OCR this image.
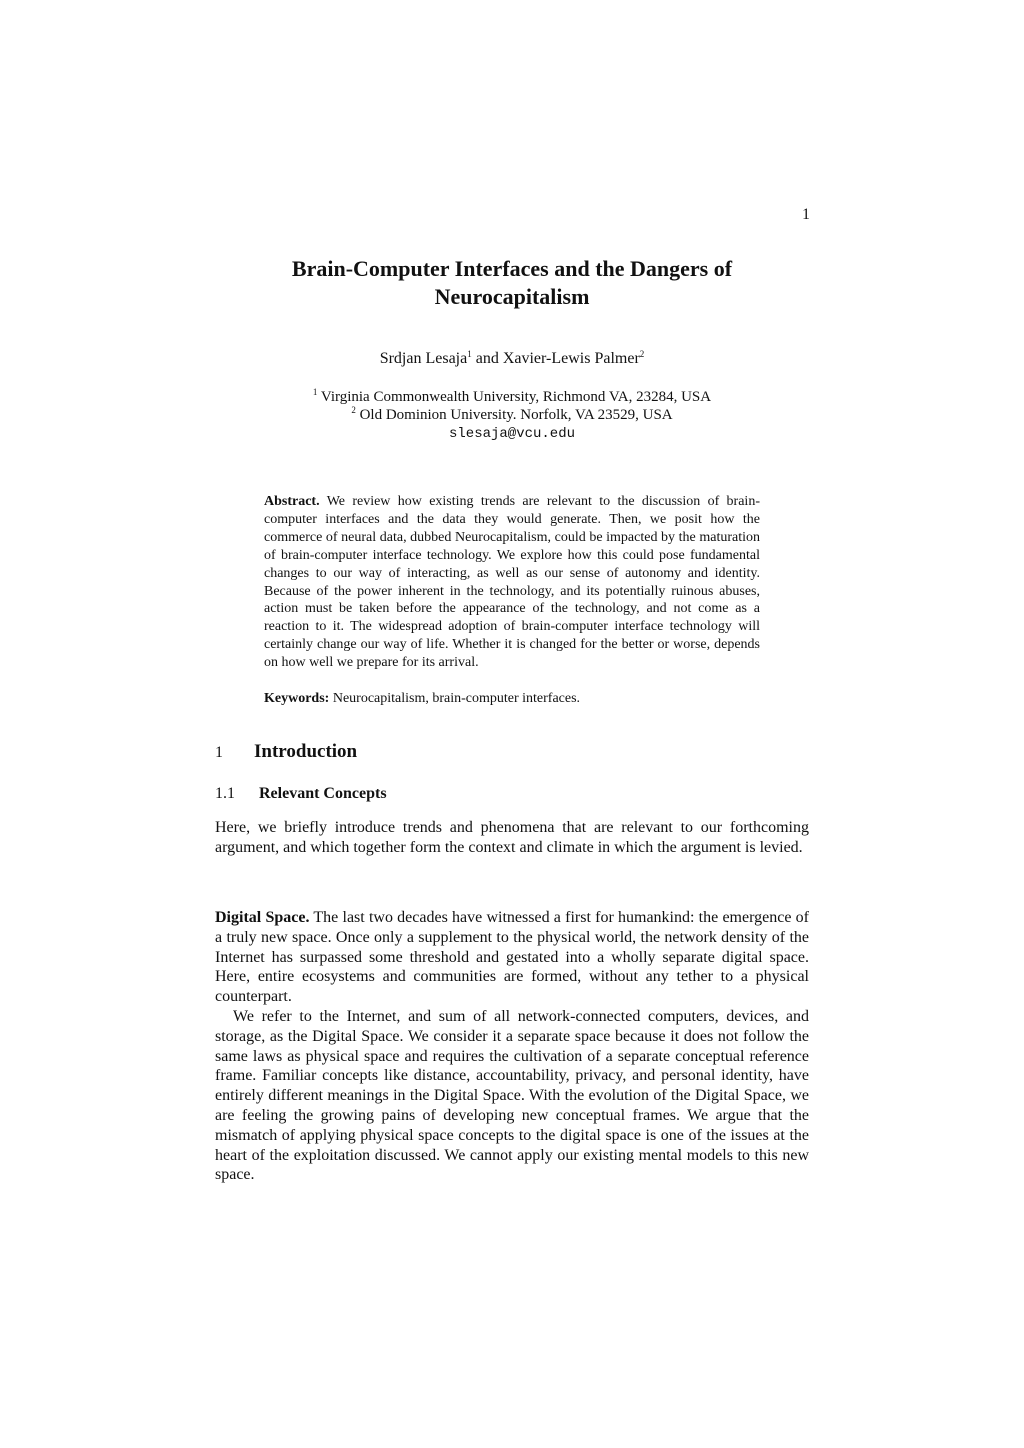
1
Brain-Computer Interfaces and the Dangers of Neurocapitalism
Srdjan Lesaja$^1$ and Xavier-Lewis Palmer$^2$
$^1$ Virginia Commonwealth University, Richmond VA, 23284, USA
$^2$ Old Dominion University. Norfolk, VA 23529, USA
slesaja@vcu.edu

Abstract. We review how existing trends are relevant to the discussion of brain-computer interfaces and the data they would generate. Then, we posit how the commerce of neural data, dubbed Neurocapitalism, could be impacted by the maturation of brain-computer interface technology. We explore how this could pose fundamental changes to our way of interacting, as well as our sense of autonomy and identity. Because of the power inherent in the technology, and its potentially ruinous abuses, action must be taken before the appearance of the technology, and not come as a reaction to it. The widespread adoption of brain-computer interface technology will certainly change our way of life. Whether it is changed for the better or worse, depends on how well we prepare for its arrival.

Keywords: Neurocapitalism, brain-computer interfaces.

1 Introduction
1.1 Relevant Concepts

Here, we briefly introduce trends and phenomena that are relevant to our forthcoming argument, and which together form the context and climate in which the argument is levied.

Digital Space. The last two decades have witnessed a first for humankind: the emergence of a truly new space. Once only a supplement to the physical world, the network density of the Internet has surpassed some threshold and gestated into a wholly separate digital space. Here, entire ecosystems and communities are formed, without any tether to a physical counterpart.

We refer to the Internet, and sum of all network-connected computers, devices, and storage, as the Digital Space. We consider it a separate space because it does not follow the same laws as physical space and requires the cultivation of a separate conceptual reference frame. Familiar concepts like distance, accountability, privacy, and personal identity, have entirely different meanings in the Digital Space. With the evolution of the Digital Space, we are feeling the growing pains of developing new conceptual frames. We argue that the mismatch of applying physical space concepts to the digital space is one of the issues at the heart of the exploitation discussed. We cannot apply our existing mental models to this new space.
